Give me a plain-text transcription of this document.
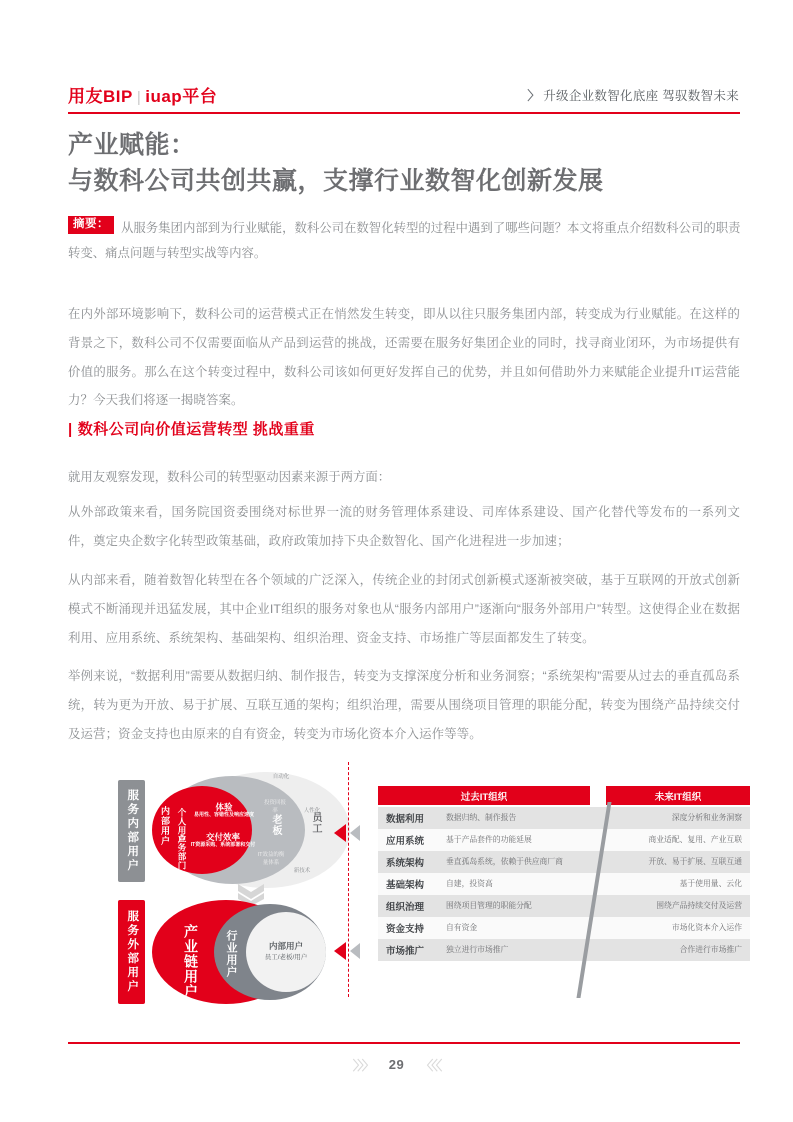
用友BIP | iuap平台	〉 升级企业数智化底座 驾驭数智未来
产业赋能：
与数科公司共创共赢，支撑行业数智化创新发展
摘要： 从服务集团内部到为行业赋能，数科公司在数智化转型的过程中遇到了哪些问题？本文将重点介绍数科公司的职责转变、痛点问题与转型实战等内容。
在内外部环境影响下，数科公司的运营模式正在悄然发生转变，即从以往只服务集团内部，转变成为行业赋能。在这样的背景之下，数科公司不仅需要面临从产品到运营的挑战，还需要在服务好集团企业的同时，找寻商业闭环，为市场提供有价值的服务。那么在这个转变过程中，数科公司该如何更好发挥自己的优势，并且如何借助外力来赋能企业提升IT运营能力？今天我们将逐一揭晓答案。
| 数科公司向价值运营转型 挑战重重
就用友观察发现，数科公司的转型驱动因素来源于两方面：
从外部政策来看，国务院国资委围绕对标世界一流的财务管理体系建设、司库体系建设、国产化替代等发布的一系列文件，奠定央企数字化转型政策基础，政府政策加持下央企数智化、国产化进程进一步加速；
从内部来看，随着数智化转型在各个领域的广泛深入，传统企业的封闭式创新模式逐渐被突破，基于互联网的开放式创新模式不断涌现并迅猛发展，其中企业IT组织的服务对象也从“服务内部用户”逐渐向“服务外部用户”转型。这使得企业在数据利用、应用系统、系统架构、基础架构、组织治理、资金支持、市场推广等层面都发生了转变。
举例来说，“数据利用”需要从数据归纳、制作报告，转变为支撑深度分析和业务洞察；“系统架构”需要从过去的垂直孤岛系统，转为更为开放、易于扩展、互联互通的架构；组织治理，需要从围绕项目管理的职能分配，转变为围绕产品持续交付及运营；资金支持也由原来的自有资金，转变为市场化资本介入运作等等。
服务内部用户
服务外部用户
自动化
人性化
新技术
投资回报率
IT效益的衡量体系
老板	员工
内部用户 个人用户
业务部门
体验
易用性、容错性及响应速度
交付效率
IT资源采购、系统部署和交付
产业链用户 行业用户	内部用户
员工/老板/用户
过去IT组织	未来IT组织
数据利用	数据归纳、制作报告	深度分析和业务洞察
应用系统	基于产品套件的功能延展	商业适配、复用、产业互联
系统架构	垂直孤岛系统，依赖于供应商厂商	开放、易于扩展、互联互通
基础架构	自建，投资高	基于使用量、云化
组织治理	围绕项目管理的职能分配	围绕产品持续交付及运营
资金支持	自有资金	市场化资本介入运作
市场推广	独立进行市场推广	合作进行市场推广
〉〉〉 29 〈〈〈
